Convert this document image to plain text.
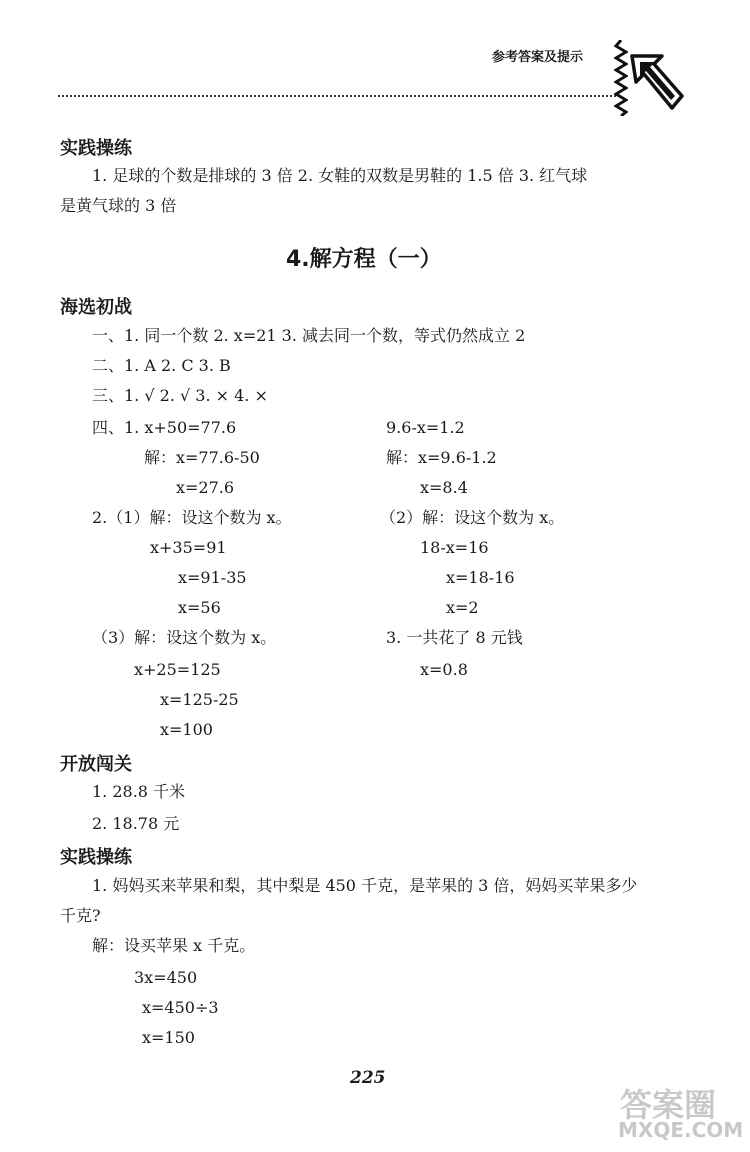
参考答案及提示
实践操练
1. 足球的个数是排球的 3 倍 2. 女鞋的双数是男鞋的 1.5 倍 3. 红气球
是黄气球的 3 倍
4.解方程（一）
海选初战
一、1. 同一个数 2. x=21 3. 减去同一个数，等式仍然成立 2
二、1. A 2. C 3. B
三、1. √ 2. √ 3. × 4. ×
四、 1. x+50=77.6
解：x=77.6-50
x=27.6
9.6-x=1.2
解：x=9.6-1.2
x=8.4
2.（1）解：设这个数为 x。
x+35=91
x=91-35
x=56
（2）解：设这个数为 x。
18-x=16
x=18-16
x=2
（3）解：设这个数为 x。
x+25=125
x=125-25
x=100
3. 一共花了 8 元钱
x=0.8
开放闯关
1. 28.8 千米
2. 18.78 元
实践操练
1. 妈妈买来苹果和梨，其中梨是 450 千克，是苹果的 3 倍，妈妈买苹果多少
千克?
解：设买苹果 x 千克。
3x=450
x=450÷3
x=150
225
答案圈
MXQE.COM
